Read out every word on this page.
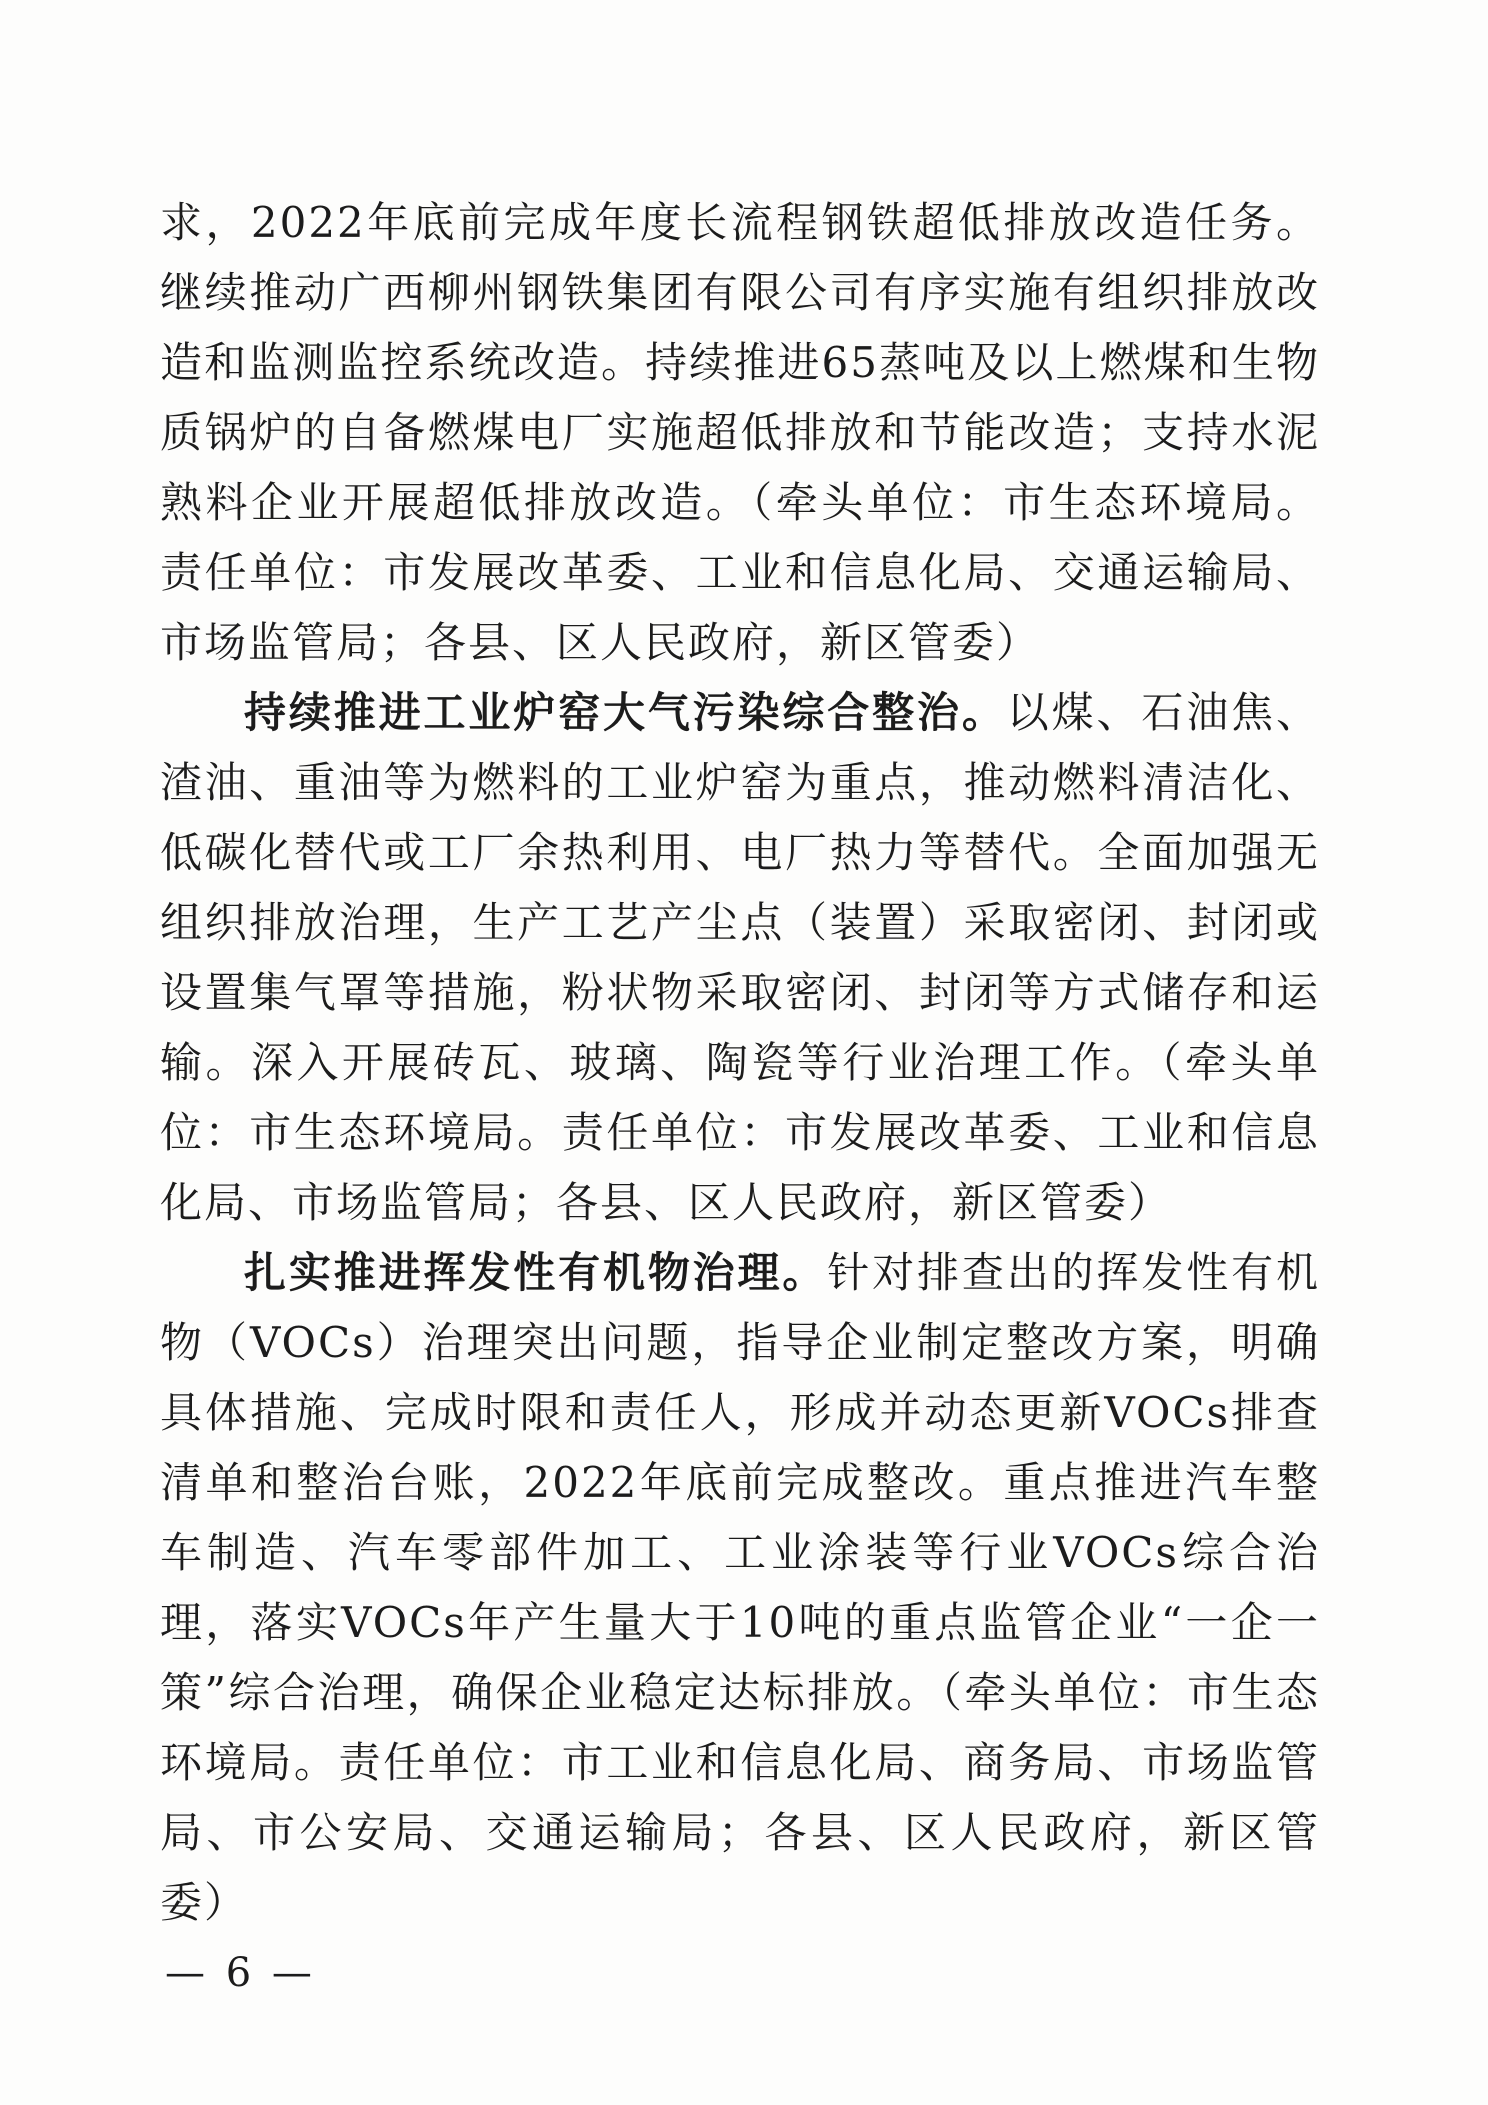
求，2022年底前完成年度长流程钢铁超低排放改造任务。继续推动广西柳州钢铁集团有限公司有序实施有组织排放改造和监测监控系统改造。持续推进65蒸吨及以上燃煤和生物质锅炉的自备燃煤电厂实施超低排放和节能改造；支持水泥熟料企业开展超低排放改造。（牵头单位：市生态环境局。责任单位：市发展改革委、工业和信息化局、交通运输局、市场监管局；各县、区人民政府，新区管委）

持续推进工业炉窑大气污染综合整治。以煤、石油焦、渣油、重油等为燃料的工业炉窑为重点，推动燃料清洁化、低碳化替代或工厂余热利用、电厂热力等替代。全面加强无组织排放治理，生产工艺产尘点（装置）采取密闭、封闭或设置集气罩等措施，粉状物采取密闭、封闭等方式储存和运输。深入开展砖瓦、玻璃、陶瓷等行业治理工作。（牵头单位：市生态环境局。责任单位：市发展改革委、工业和信息化局、市场监管局；各县、区人民政府，新区管委）

扎实推进挥发性有机物治理。针对排查出的挥发性有机物（VOCs）治理突出问题，指导企业制定整改方案，明确具体措施、完成时限和责任人，形成并动态更新VOCs排查清单和整治台账，2022年底前完成整改。重点推进汽车整车制造、汽车零部件加工、工业涂装等行业VOCs综合治理，落实VOCs年产生量大于10吨的重点监管企业“一企一策”综合治理，确保企业稳定达标排放。（牵头单位：市生态环境局。责任单位：市工业和信息化局、商务局、市场监管局、市公安局、交通运输局；各县、区人民政府，新区管委）

— 6 —
